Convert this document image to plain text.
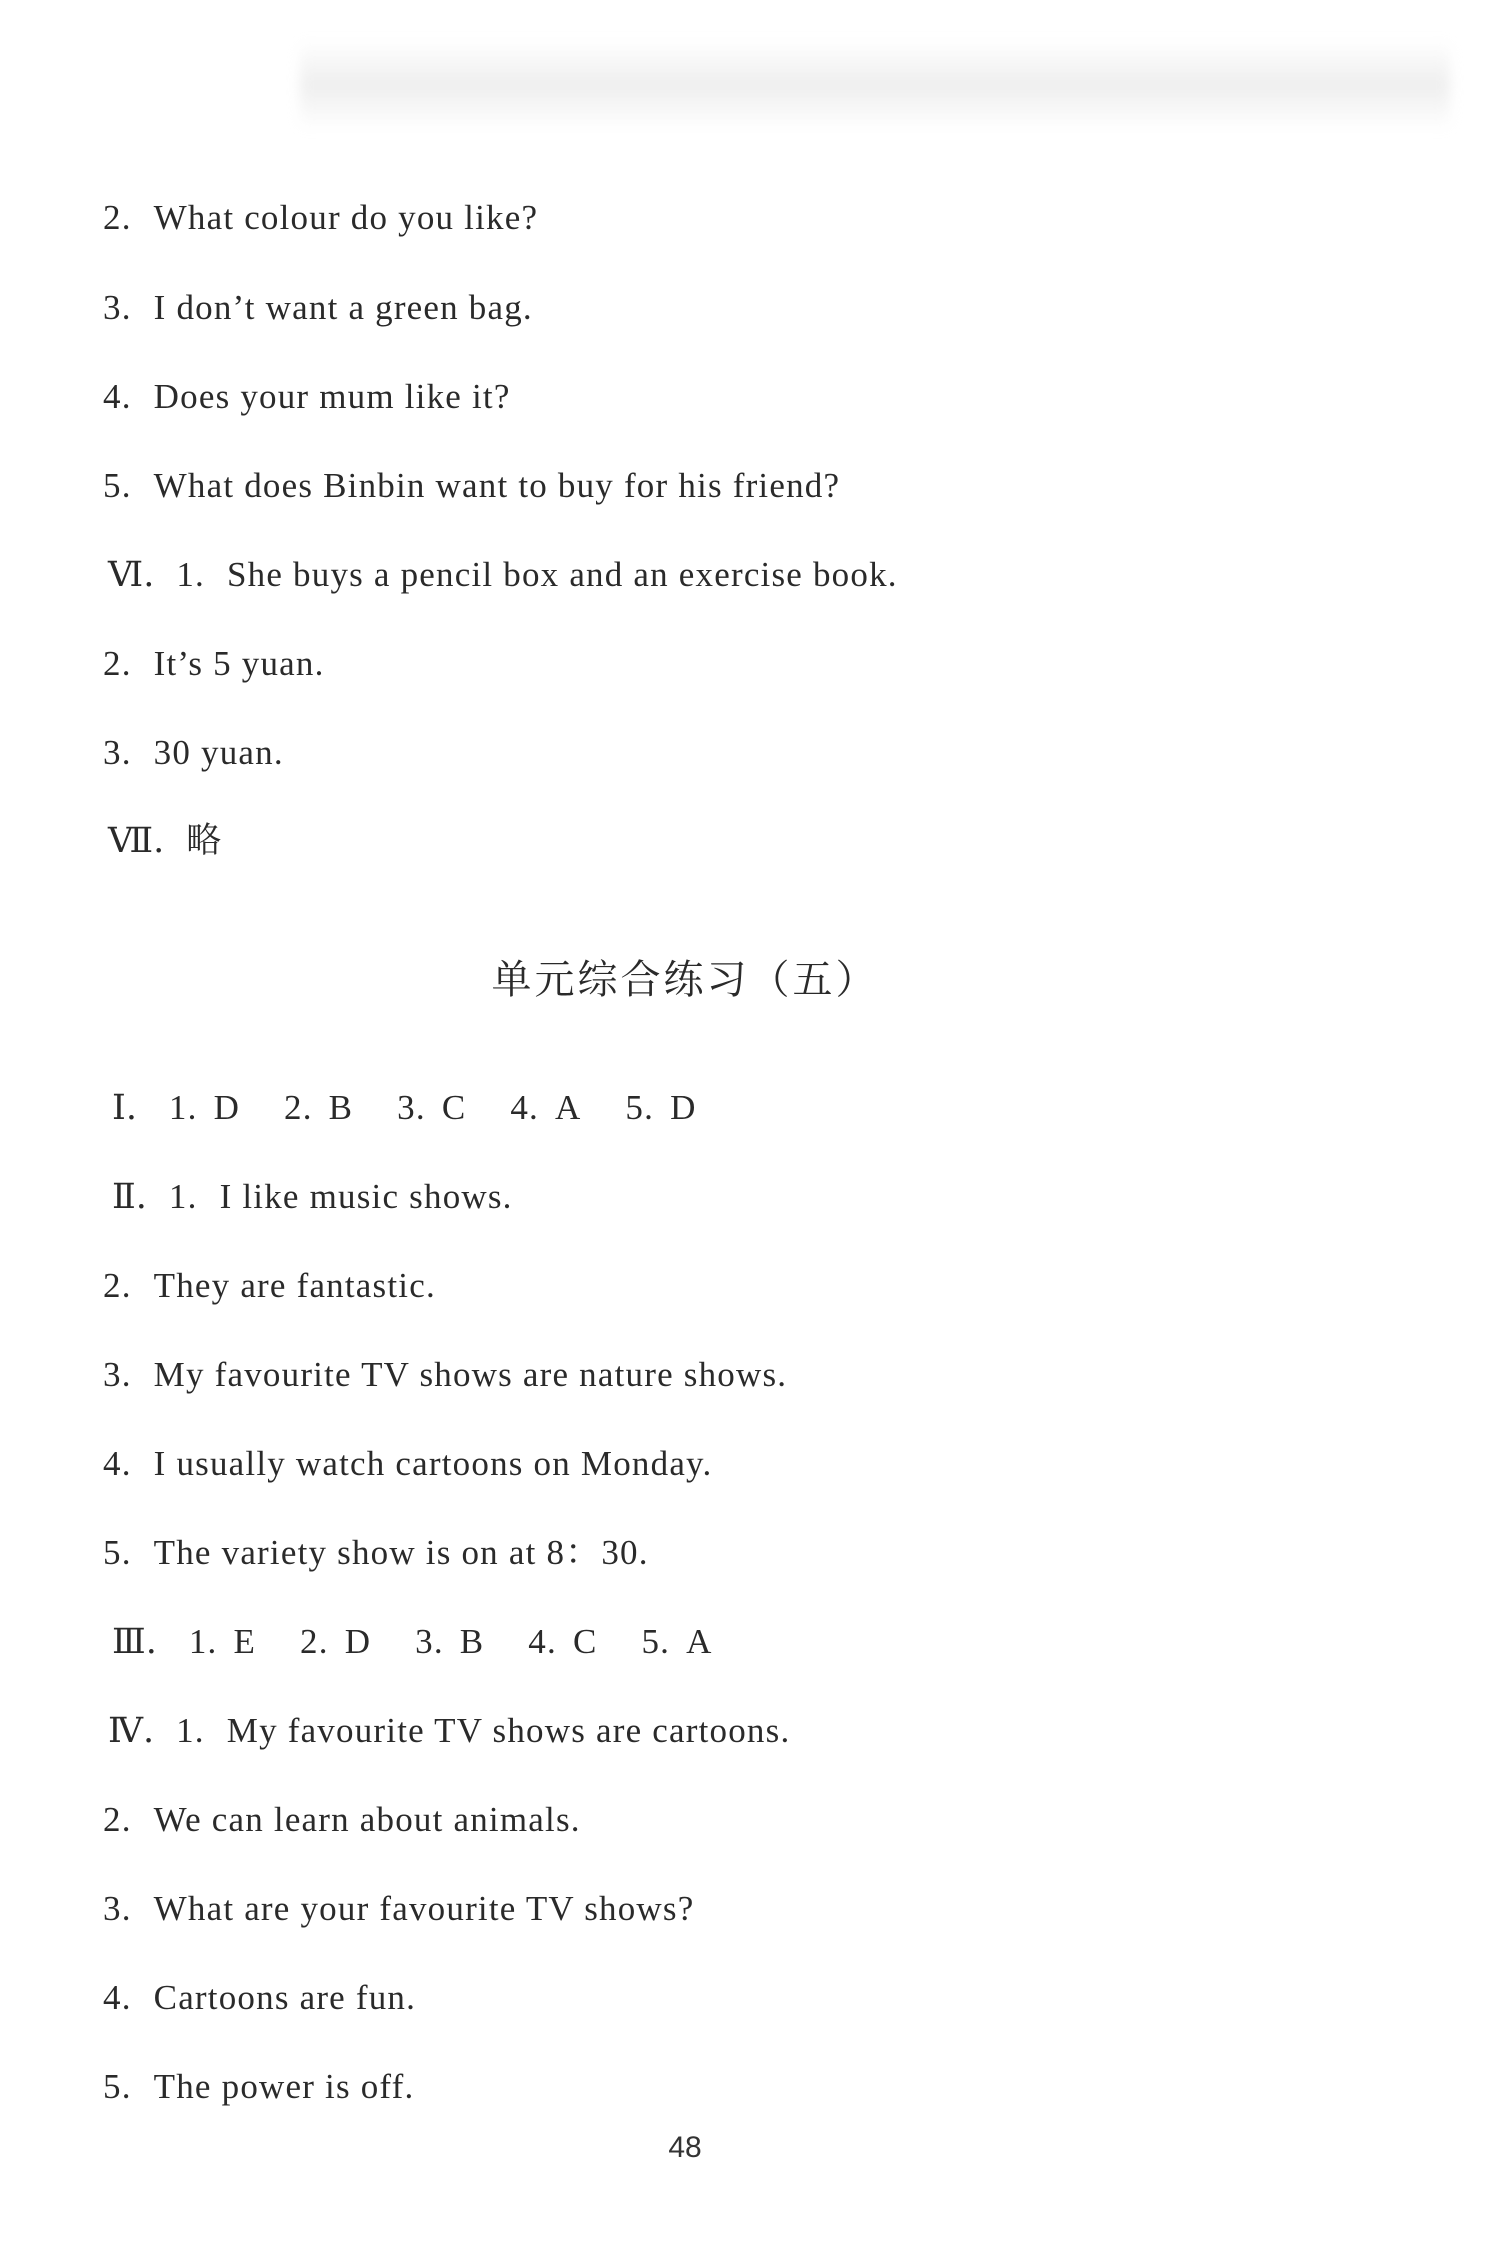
2. What colour do you like?
3. I don’t want a green bag.
4. Does your mum like it?
5. What does Binbin want to buy for his friend?
Ⅵ. 1. She buys a pencil box and an exercise book.
2. It’s 5 yuan.
3. 30 yuan.
Ⅶ. 略
单元综合练习（五）
Ⅰ. 1. D 2. B 3. C 4. A 5. D
Ⅱ. 1. I like music shows.
2. They are fantastic.
3. My favourite TV shows are nature shows.
4. I usually watch cartoons on Monday.
5. The variety show is on at 8：30.
Ⅲ. 1. E 2. D 3. B 4. C 5. A
Ⅳ. 1. My favourite TV shows are cartoons.
2. We can learn about animals.
3. What are your favourite TV shows?
4. Cartoons are fun.
5. The power is off.
48
